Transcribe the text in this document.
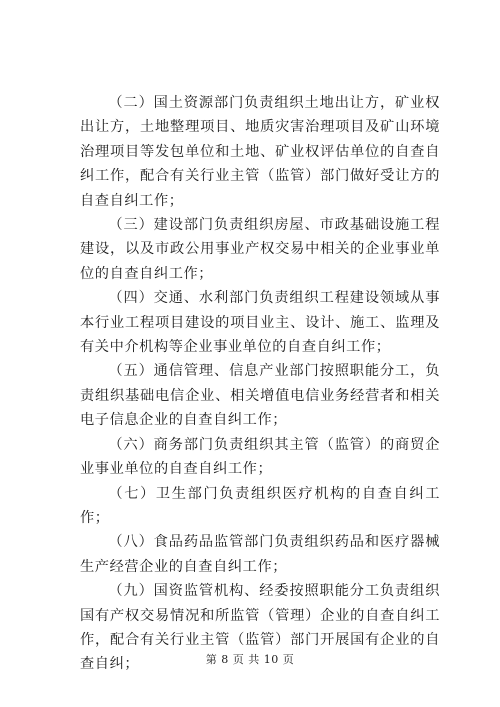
（二）国土资源部门负责组织土地出让方，矿业权出让方，土地整理项目、地质灾害治理项目及矿山环境治理项目等发包单位和土地、矿业权评估单位的自查自纠工作，配合有关行业主管（监管）部门做好受让方的自查自纠工作；

（三）建设部门负责组织房屋、市政基础设施工程建设，以及市政公用事业产权交易中相关的企业事业单位的自查自纠工作；

（四）交通、水利部门负责组织工程建设领域从事本行业工程项目建设的项目业主、设计、施工、监理及有关中介机构等企业事业单位的自查自纠工作；

（五）通信管理、信息产业部门按照职能分工，负责组织基础电信企业、相关增值电信业务经营者和相关电子信息企业的自查自纠工作；

（六）商务部门负责组织其主管（监管）的商贸企业事业单位的自查自纠工作；

（七）卫生部门负责组织医疗机构的自查自纠工作；

（八）食品药品监管部门负责组织药品和医疗器械生产经营企业的自查自纠工作；

（九）国资监管机构、经委按照职能分工负责组织国有产权交易情况和所监管（管理）企业的自查自纠工作，配合有关行业主管（监管）部门开展国有企业的自查自纠；	第 8 页 共 10 页
